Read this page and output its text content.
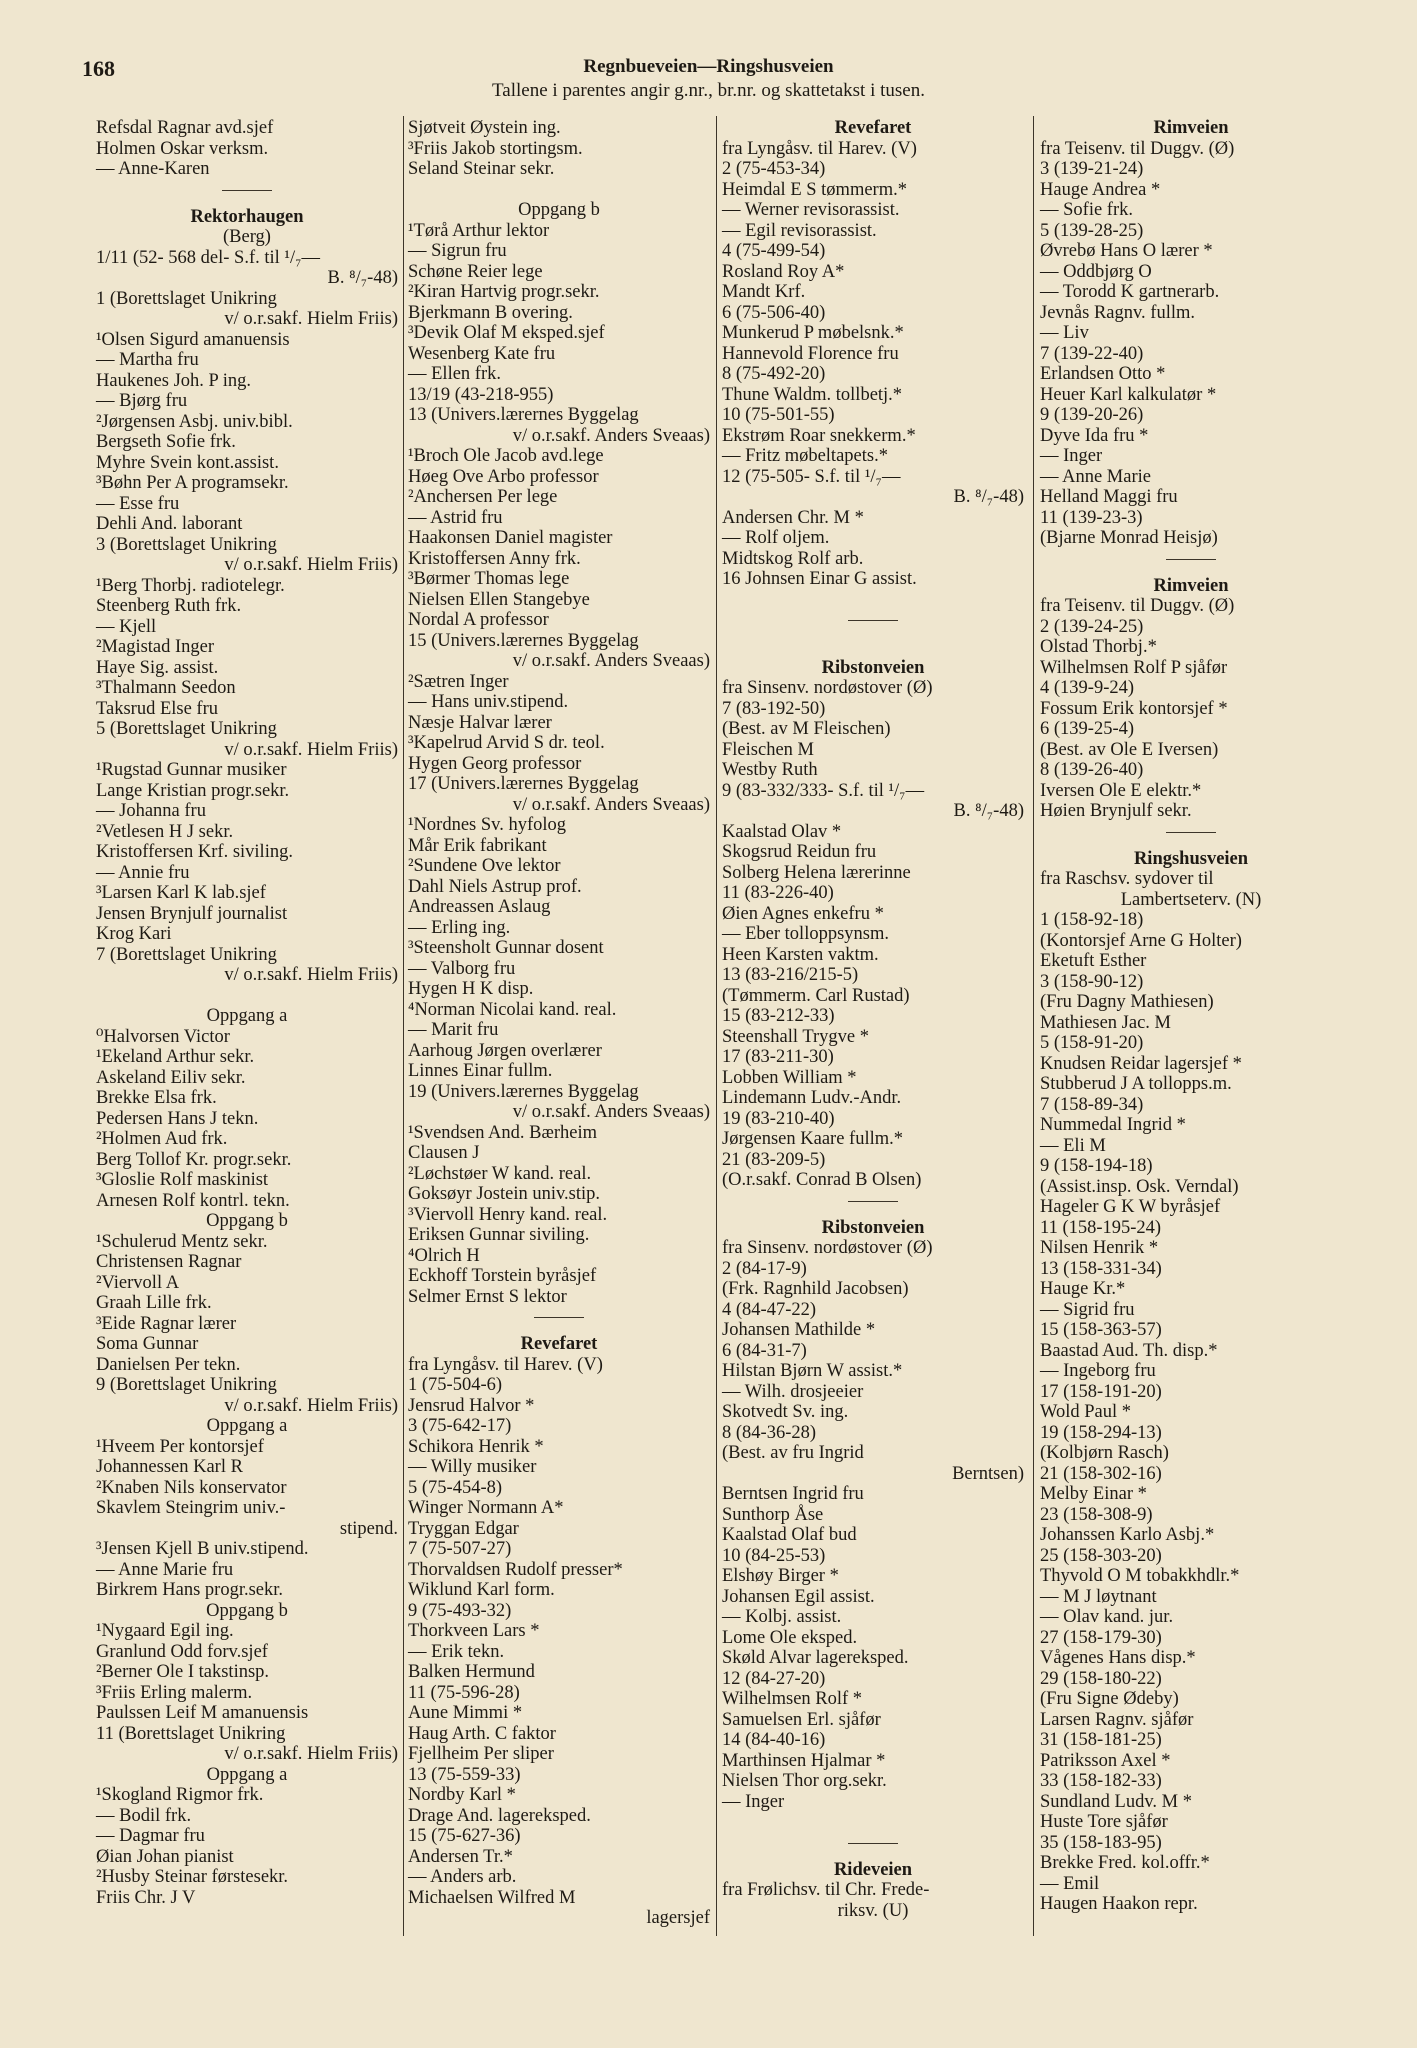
168	Regnbueveien—Ringshusveien
Tallene i parentes angir g.nr., br.nr. og skattetakst i tusen.
Refsdal Ragnar avd.sjef
Holmen Oskar verksm.
— Anne-Karen
Rektorhaugen
(Berg)
1/11 (52- 568 del- S.f. til ¹/₇—
B. ⁸/₇-48)
1 (Borettslaget Unikring
v/ o.r.sakf. Hielm Friis)
¹Olsen Sigurd amanuensis
— Martha fru
Haukenes Joh. P ing.
— Bjørg fru
²Jørgensen Asbj. univ.bibl.
Bergseth Sofie frk.
Myhre Svein kont.assist.
³Bøhn Per A programsekr.
— Esse fru
Dehli And. laborant
3 (Borettslaget Unikring
v/ o.r.sakf. Hielm Friis)
¹Berg Thorbj. radiotelegr.
Steenberg Ruth frk.
— Kjell
²Magistad Inger
Haye Sig. assist.
³Thalmann Seedon
Taksrud Else fru
5 (Borettslaget Unikring
v/ o.r.sakf. Hielm Friis)
¹Rugstad Gunnar musiker
Lange Kristian progr.sekr.
— Johanna fru
²Vetlesen H J sekr.
Kristoffersen Krf. siviling.
— Annie fru
³Larsen Karl K lab.sjef
Jensen Brynjulf journalist
Krog Kari
7 (Borettslaget Unikring
v/ o.r.sakf. Hielm Friis)
Oppgang a
⁰Halvorsen Victor
¹Ekeland Arthur sekr.
Askeland Eiliv sekr.
Brekke Elsa frk.
Pedersen Hans J tekn.
²Holmen Aud frk.
Berg Tollof Kr. progr.sekr.
³Gloslie Rolf maskinist
Arnesen Rolf kontrl. tekn.
Oppgang b
¹Schulerud Mentz sekr.
Christensen Ragnar
²Viervoll A
Graah Lille frk.
³Eide Ragnar lærer
Soma Gunnar
Danielsen Per tekn.
9 (Borettslaget Unikring
v/ o.r.sakf. Hielm Friis)
Oppgang a
¹Hveem Per kontorsjef
Johannessen Karl R
²Knaben Nils konservator
Skavlem Steingrim univ.-
stipend.
³Jensen Kjell B univ.stipend.
— Anne Marie fru
Birkrem Hans progr.sekr.
Oppgang b
¹Nygaard Egil ing.
Granlund Odd forv.sjef
²Berner Ole I takstinsp.
³Friis Erling malerm.
Paulssen Leif M amanuensis
11 (Borettslaget Unikring
v/ o.r.sakf. Hielm Friis)
Oppgang a
¹Skogland Rigmor frk.
— Bodil frk.
— Dagmar fru
Øian Johan pianist
²Husby Steinar førstesekr.
Friis Chr. J V
Sjøtveit Øystein ing.
³Friis Jakob stortingsm.
Seland Steinar sekr.
Oppgang b
¹Tørå Arthur lektor
— Sigrun fru
Schøne Reier lege
²Kiran Hartvig progr.sekr.
Bjerkmann B overing.
³Devik Olaf M eksped.sjef
Wesenberg Kate fru
— Ellen frk.
13/19 (43-218-955)
13 (Univers.lærernes Byggelag
v/ o.r.sakf. Anders Sveaas)
¹Broch Ole Jacob avd.lege
Høeg Ove Arbo professor
²Anchersen Per lege
— Astrid fru
Haakonsen Daniel magister
Kristoffersen Anny frk.
³Børmer Thomas lege
Nielsen Ellen Stangebye
Nordal A professor
15 (Univers.lærernes Byggelag
v/ o.r.sakf. Anders Sveaas)
²Sætren Inger
— Hans univ.stipend.
Næsje Halvar lærer
³Kapelrud Arvid S dr. teol.
Hygen Georg professor
17 (Univers.lærernes Byggelag
v/ o.r.sakf. Anders Sveaas)
¹Nordnes Sv. hyfolog
Mår Erik fabrikant
²Sundene Ove lektor
Dahl Niels Astrup prof.
Andreassen Aslaug
— Erling ing.
³Steensholt Gunnar dosent
— Valborg fru
Hygen H K disp.
⁴Norman Nicolai kand. real.
— Marit fru
Aarhoug Jørgen overlærer
Linnes Einar fullm.
19 (Univers.lærernes Byggelag
v/ o.r.sakf. Anders Sveaas)
¹Svendsen And. Bærheim
Clausen J
²Løchstøer W kand. real.
Goksøyr Jostein univ.stip.
³Viervoll Henry kand. real.
Eriksen Gunnar siviling.
⁴Olrich H
Eckhoff Torstein byråsjef
Selmer Ernst S lektor
Revefaret
fra Lyngåsv. til Harev. (V)
1 (75-504-6)
Jensrud Halvor *
3 (75-642-17)
Schikora Henrik *
— Willy musiker
5 (75-454-8)
Winger Normann A*
Tryggan Edgar
7 (75-507-27)
Thorvaldsen Rudolf presser*
Wiklund Karl form.
9 (75-493-32)
Thorkveen Lars *
— Erik tekn.
Balken Hermund
11 (75-596-28)
Aune Mimmi *
Haug Arth. C faktor
Fjellheim Per sliper
13 (75-559-33)
Nordby Karl *
Drage And. lagereksped.
15 (75-627-36)
Andersen Tr.*
— Anders arb.
Michaelsen Wilfred M
lagersjef
Revefaret
fra Lyngåsv. til Harev. (V)
2 (75-453-34)
Heimdal E S tømmerm.*
— Werner revisorassist.
— Egil revisorassist.
4 (75-499-54)
Rosland Roy A*
Mandt Krf.
6 (75-506-40)
Munkerud P møbelsnk.*
Hannevold Florence fru
8 (75-492-20)
Thune Waldm. tollbetj.*
10 (75-501-55)
Ekstrøm Roar snekkerm.*
— Fritz møbeltapets.*
12 (75-505- S.f. til ¹/₇—
B. ⁸/₇-48)
Andersen Chr. M *
— Rolf oljem.
Midtskog Rolf arb.
16 Johnsen Einar G assist.
Ribstonveien
fra Sinsenv. nordøstover (Ø)
7 (83-192-50)
(Best. av M Fleischen)
Fleischen M
Westby Ruth
9 (83-332/333- S.f. til ¹/₇—
B. ⁸/₇-48)
Kaalstad Olav *
Skogsrud Reidun fru
Solberg Helena lærerinne
11 (83-226-40)
Øien Agnes enkefru *
— Eber tolloppsynsm.
Heen Karsten vaktm.
13 (83-216/215-5)
(Tømmerm. Carl Rustad)
15 (83-212-33)
Steenshall Trygve *
17 (83-211-30)
Lobben William *
Lindemann Ludv.-Andr.
19 (83-210-40)
Jørgensen Kaare fullm.*
21 (83-209-5)
(O.r.sakf. Conrad B Olsen)
Ribstonveien
fra Sinsenv. nordøstover (Ø)
2 (84-17-9)
(Frk. Ragnhild Jacobsen)
4 (84-47-22)
Johansen Mathilde *
6 (84-31-7)
Hilstan Bjørn W assist.*
— Wilh. drosjeeier
Skotvedt Sv. ing.
8 (84-36-28)
(Best. av fru Ingrid
Berntsen)
Berntsen Ingrid fru
Sunthorp Åse
Kaalstad Olaf bud
10 (84-25-53)
Elshøy Birger *
Johansen Egil assist.
— Kolbj. assist.
Lome Ole eksped.
Skøld Alvar lagereksped.
12 (84-27-20)
Wilhelmsen Rolf *
Samuelsen Erl. sjåfør
14 (84-40-16)
Marthinsen Hjalmar *
Nielsen Thor org.sekr.
— Inger
Rideveien
fra Frølichsv. til Chr. Frede-
riksv. (U)
Rimveien
fra Teisenv. til Duggv. (Ø)
3 (139-21-24)
Hauge Andrea *
— Sofie frk.
5 (139-28-25)
Øvrebø Hans O lærer *
— Oddbjørg O
— Torodd K gartnerarb.
Jevnås Ragnv. fullm.
— Liv
7 (139-22-40)
Erlandsen Otto *
Heuer Karl kalkulatør *
9 (139-20-26)
Dyve Ida fru *
— Inger
— Anne Marie
Helland Maggi fru
11 (139-23-3)
(Bjarne Monrad Heisjø)
Rimveien
fra Teisenv. til Duggv. (Ø)
2 (139-24-25)
Olstad Thorbj.*
Wilhelmsen Rolf P sjåfør
4 (139-9-24)
Fossum Erik kontorsjef *
6 (139-25-4)
(Best. av Ole E Iversen)
8 (139-26-40)
Iversen Ole E elektr.*
Høien Brynjulf sekr.
Ringshusveien
fra Raschsv. sydover til
Lambertseterv. (N)
1 (158-92-18)
(Kontorsjef Arne G Holter)
Eketuft Esther
3 (158-90-12)
(Fru Dagny Mathiesen)
Mathiesen Jac. M
5 (158-91-20)
Knudsen Reidar lagersjef *
Stubberud J A tollopps.m.
7 (158-89-34)
Nummedal Ingrid *
— Eli M
9 (158-194-18)
(Assist.insp. Osk. Verndal)
Hageler G K W byråsjef
11 (158-195-24)
Nilsen Henrik *
13 (158-331-34)
Hauge Kr.*
— Sigrid fru
15 (158-363-57)
Baastad Aud. Th. disp.*
— Ingeborg fru
17 (158-191-20)
Wold Paul *
19 (158-294-13)
(Kolbjørn Rasch)
21 (158-302-16)
Melby Einar *
23 (158-308-9)
Johanssen Karlo Asbj.*
25 (158-303-20)
Thyvold O M tobakkhdlr.*
— M J løytnant
— Olav kand. jur.
27 (158-179-30)
Vågenes Hans disp.*
29 (158-180-22)
(Fru Signe Ødeby)
Larsen Ragnv. sjåfør
31 (158-181-25)
Patriksson Axel *
33 (158-182-33)
Sundland Ludv. M *
Huste Tore sjåfør
35 (158-183-95)
Brekke Fred. kol.offr.*
— Emil
Haugen Haakon repr.
